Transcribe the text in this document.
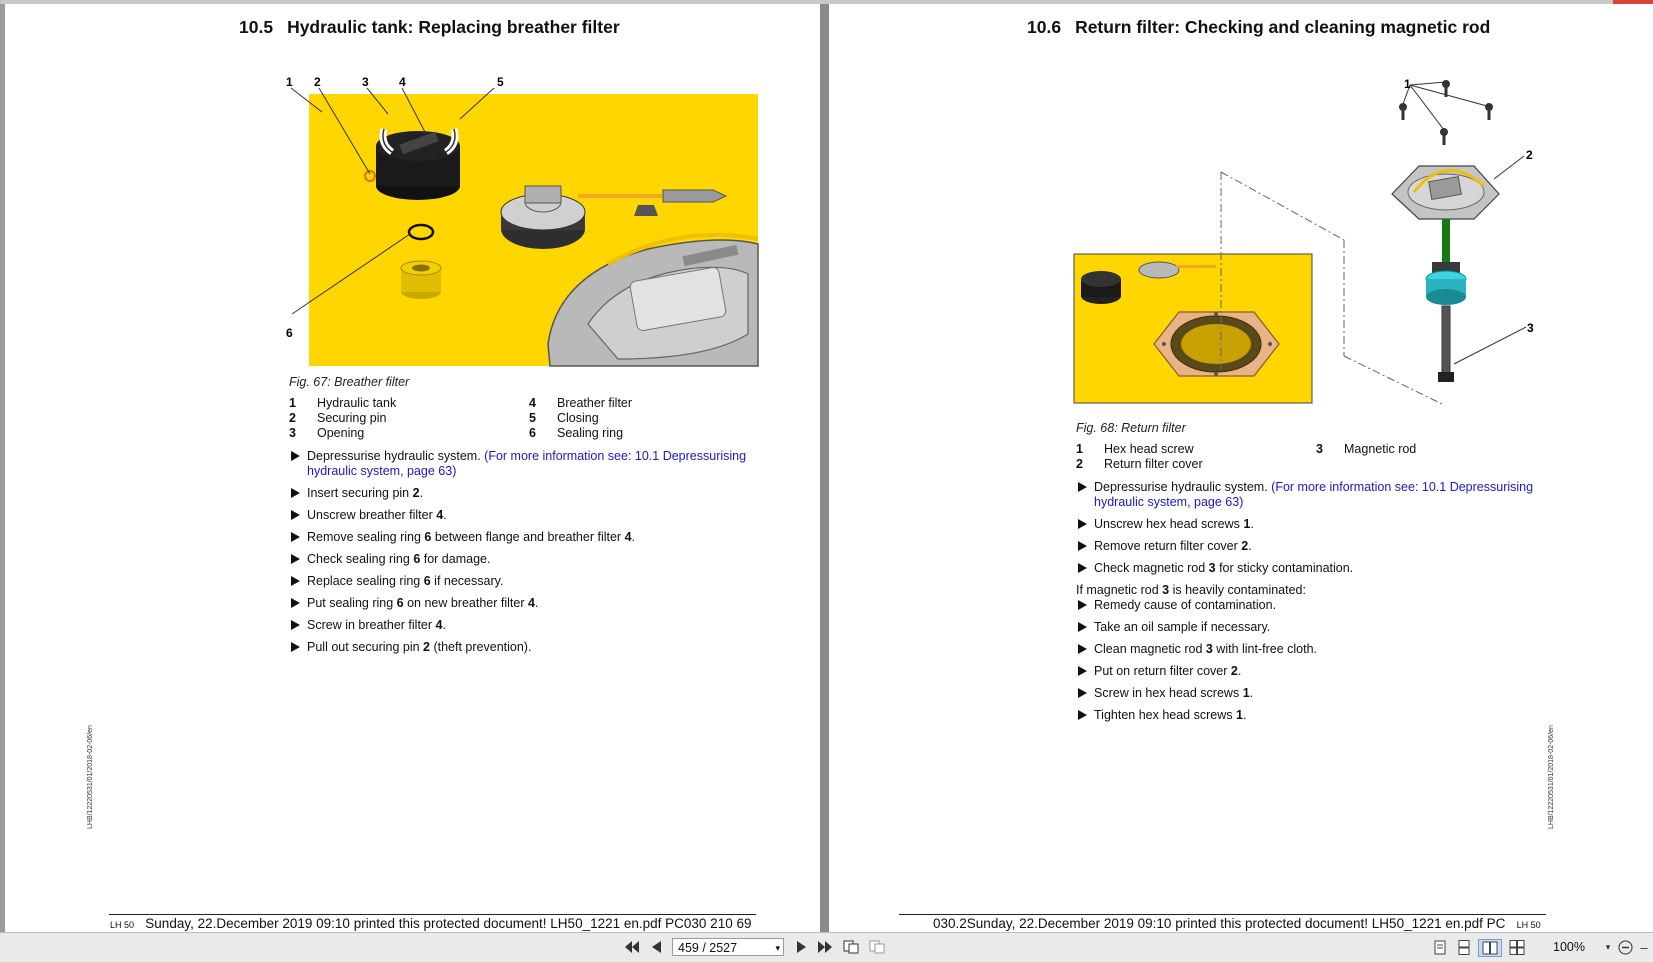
10.5 Hydraulic tank: Replacing breather filter
1 2	3	4	5
6
Fig. 67: Breather filter
1 Hydraulic tank
2 Securing pin
3 Opening
4 Breather filter
5 Closing
6 Sealing ring
Depressurise hydraulic system. (For more information see: 10.1 Depressurising hydraulic system, page 63)
Insert securing pin 2.
Unscrew breather filter 4.
Remove sealing ring 6 between flange and breather filter 4.
Check sealing ring 6 for damage.
Replace sealing ring 6 if necessary.
Put sealing ring 6 on new breather filter 4.
Screw in breather filter 4.
Pull out securing pin 2 (theft prevention).
LHB/12220531/01/2018-02-06/en
LH 50 Sunday, 22.December 2019 09:10 printed this protected document! LH50_1221 en.pdf PC030 210 69
10.6 Return filter: Checking and cleaning magnetic rod
1
2
3
Fig. 68: Return filter
1 Hex head screw
2 Return filter cover
3 Magnetic rod
Depressurise hydraulic system. (For more information see: 10.1 Depressurising hydraulic system, page 63)
Unscrew hex head screws 1.
Remove return filter cover 2.
Check magnetic rod 3 for sticky contamination.
If magnetic rod 3 is heavily contaminated:
Remedy cause of contamination.
Take an oil sample if necessary.
Clean magnetic rod 3 with lint-free cloth.
Put on return filter cover 2.
Screw in hex head screws 1.
Tighten hex head screws 1.
LHB/12220531/01/2018-02-06/en
030.2Sunday, 22.December 2019 09:10 printed this protected document! LH50_1221 en.pdf PC LH 50
459 / 2527	▾	100%	▾ –
